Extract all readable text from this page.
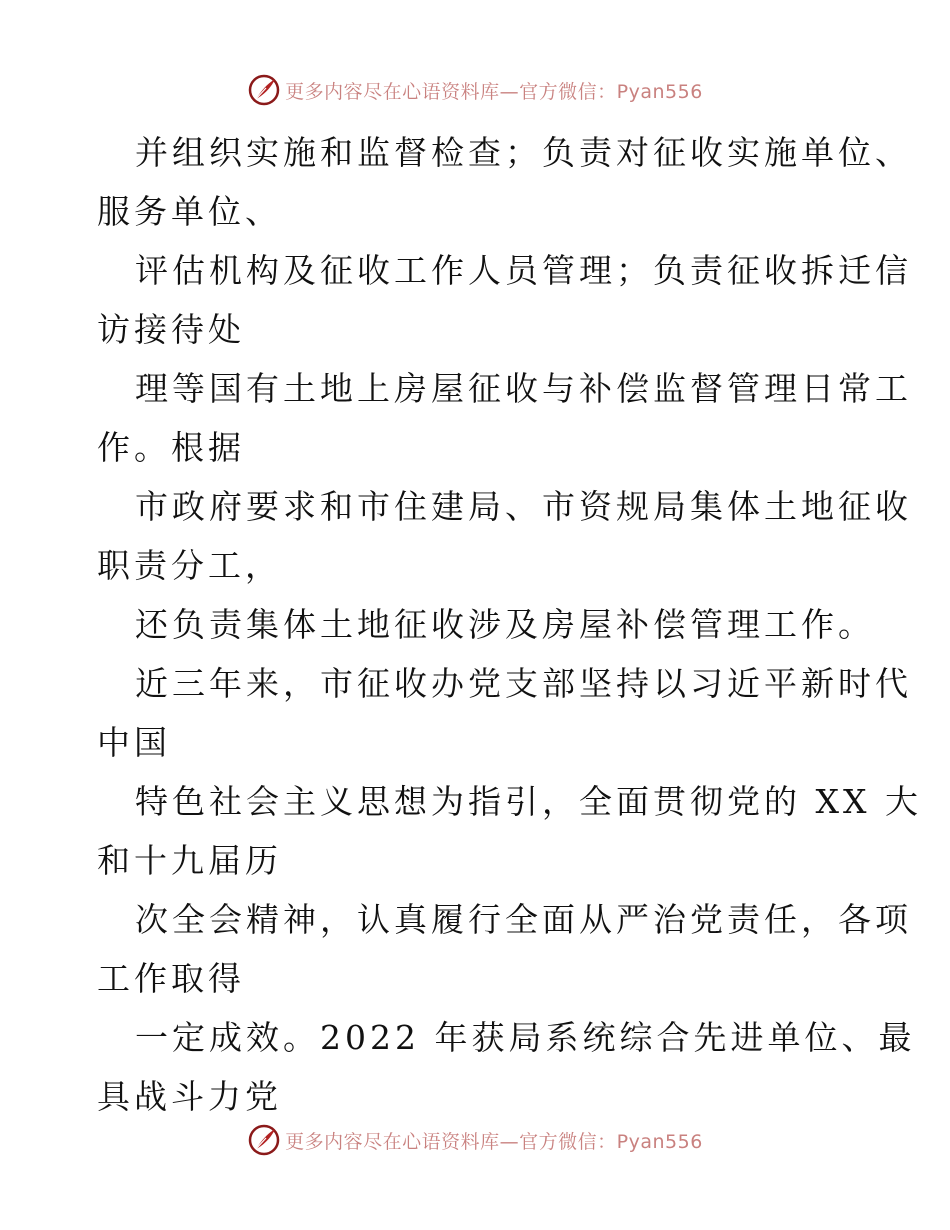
更多内容尽在心语资料库—官方微信：Pyan556
并组织实施和监督检查；负责对征收实施单位、
服务单位、
评估机构及征收工作人员管理；负责征收拆迁信
访接待处
理等国有土地上房屋征收与补偿监督管理日常工
作。根据
市政府要求和市住建局、市资规局集体土地征收
职责分工，
还负责集体土地征收涉及房屋补偿管理工作。
近三年来，市征收办党支部坚持以习近平新时代
中国
特色社会主义思想为指引，全面贯彻党的 XX 大
和十九届历
次全会精神，认真履行全面从严治党责任，各项
工作取得
一定成效。2022 年获局系统综合先进单位、最
具战斗力党
更多内容尽在心语资料库—官方微信：Pyan556
